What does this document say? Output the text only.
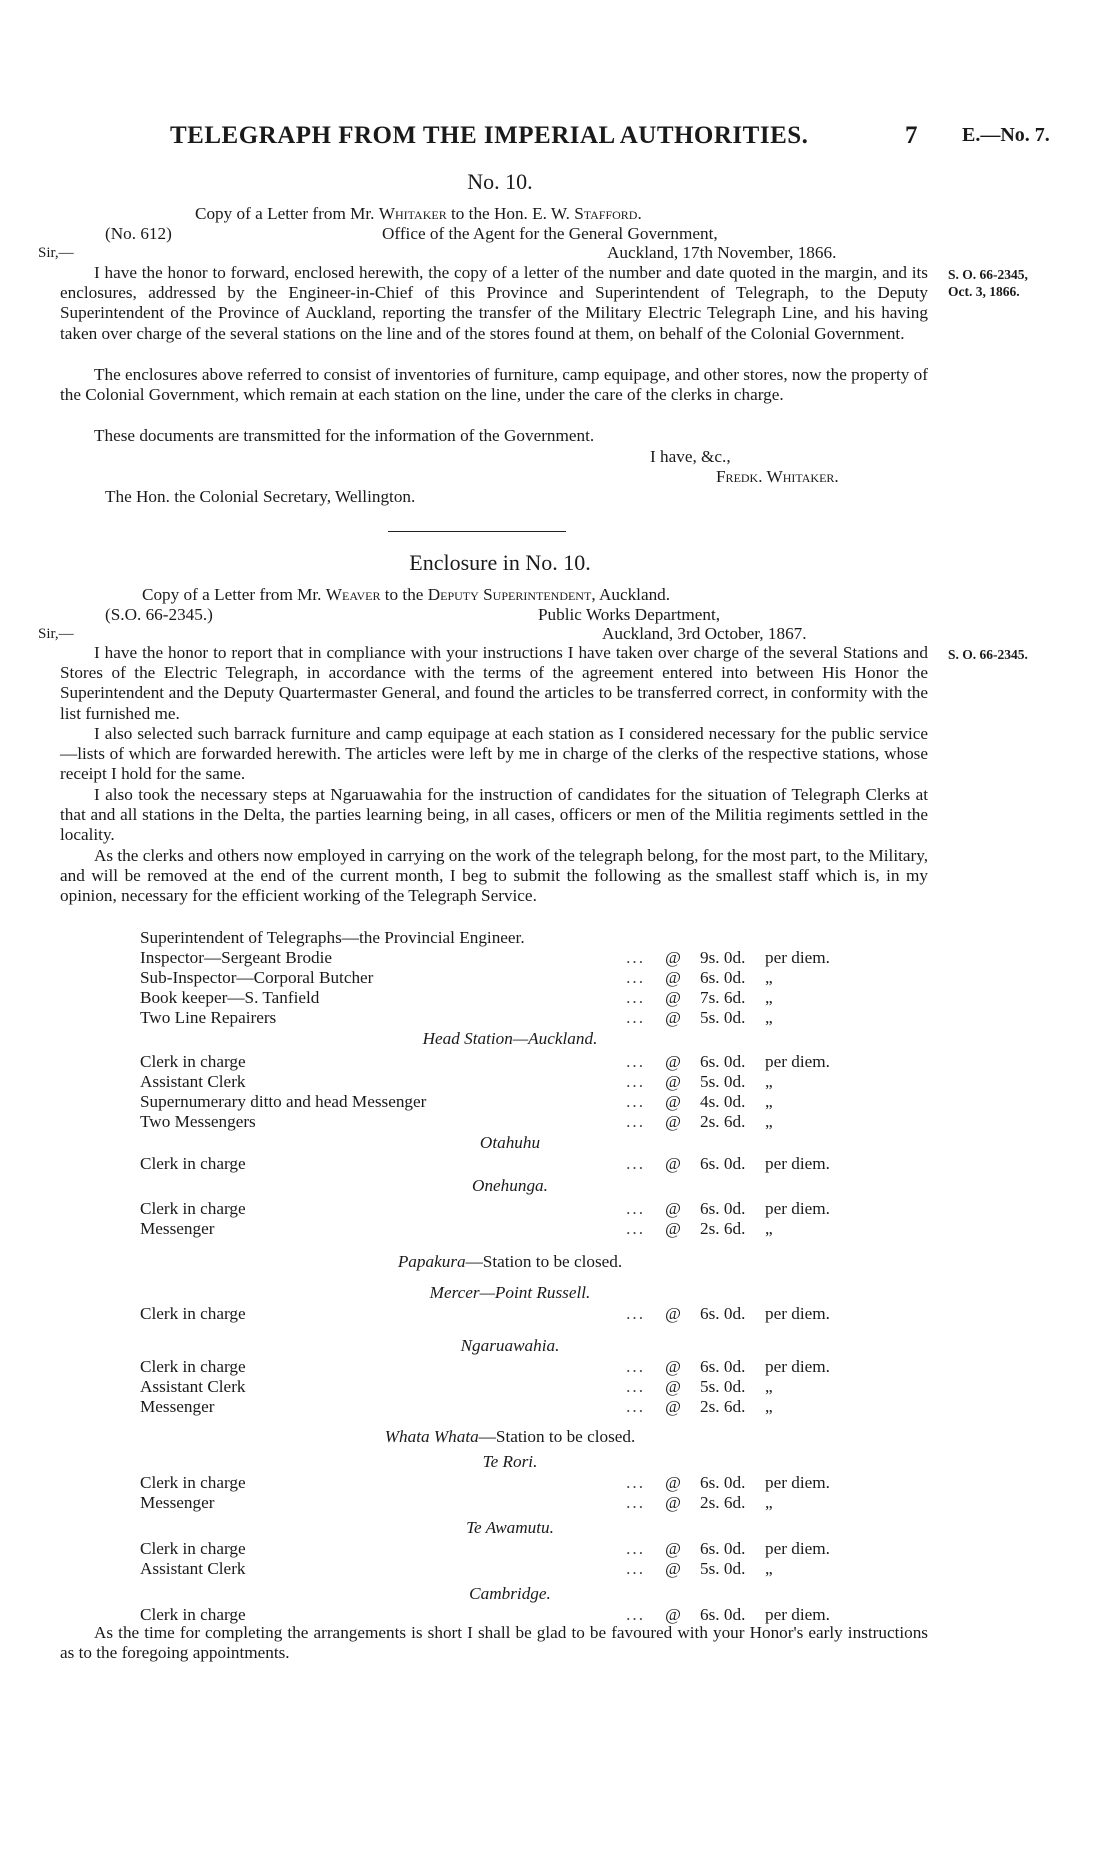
TELEGRAPH FROM THE IMPERIAL AUTHORITIES.	7 E.—No. 7.
No. 10.
Copy of a Letter from Mr. Whitaker to the Hon. E. W. Stafford.
(No. 612)	Office of the Agent for the General Government,
Sir,—	Auckland, 17th November, 1866.
S. O. 66-2345,
Oct. 3, 1866.
I have the honor to forward, enclosed herewith, the copy of a letter of the number and date quoted in the margin, and its enclosures, addressed by the Engineer-in-Chief of this Province and Superintendent of Telegraph, to the Deputy Superintendent of the Province of Auckland, reporting the transfer of the Military Electric Telegraph Line, and his having taken over charge of the several stations on the line and of the stores found at them, on behalf of the Colonial Government.
The enclosures above referred to consist of inventories of furniture, camp equipage, and other stores, now the property of the Colonial Government, which remain at each station on the line, under the care of the clerks in charge.
These documents are transmitted for the information of the Government.
I have, &c.,
Fredk. Whitaker.
The Hon. the Colonial Secretary, Wellington.
Enclosure in No. 10.
Copy of a Letter from Mr. Weaver to the Deputy Superintendent, Auckland.
(S.O. 66-2345.)	Public Works Department,
Sir,—	Auckland, 3rd October, 1867.
S. O. 66-2345.
I have the honor to report that in compliance with your instructions I have taken over charge of the several Stations and Stores of the Electric Telegraph, in accordance with the terms of the agreement entered into between His Honor the Superintendent and the Deputy Quartermaster General, and found the articles to be transferred correct, in conformity with the list furnished me.
I also selected such barrack furniture and camp equipage at each station as I considered necessary for the public service—lists of which are forwarded herewith. The articles were left by me in charge of the clerks of the respective stations, whose receipt I hold for the same.
I also took the necessary steps at Ngaruawahia for the instruction of candidates for the situation of Telegraph Clerks at that and all stations in the Delta, the parties learning being, in all cases, officers or men of the Militia regiments settled in the locality.
As the clerks and others now employed in carrying on the work of the telegraph belong, for the most part, to the Military, and will be removed at the end of the current month, I beg to submit the following as the smallest staff which is, in my opinion, necessary for the efficient working of the Telegraph Service.
Superintendent of Telegraphs—the Provincial Engineer.
Inspector—Sergeant Brodie	... @ 9s. 0d. per diem.
Sub-Inspector—Corporal Butcher	... @ 6s. 0d. „
Book keeper—S. Tanfield	... @ 7s. 6d. „
Two Line Repairers	... @ 5s. 0d. „
Head Station—Auckland.
Clerk in charge	... @ 6s. 0d. per diem.
Assistant Clerk	... @ 5s. 0d. „
Supernumerary ditto and head Messenger	... @ 4s. 0d. „
Two Messengers	... @ 2s. 6d. „
Otahuhu
Clerk in charge	... @ 6s. 0d. per diem.
Onehunga.
Clerk in charge	... @ 6s. 0d. per diem.
Messenger	... @ 2s. 6d. „
Papakura—Station to be closed.
Mercer—Point Russell.
Clerk in charge	... @ 6s. 0d. per diem.
Ngaruawahia.
Clerk in charge	... @ 6s. 0d. per diem.
Assistant Clerk	... @ 5s. 0d. „
Messenger	... @ 2s. 6d. „
Whata Whata—Station to be closed.
Te Rori.
Clerk in charge	... @ 6s. 0d. per diem.
Messenger	... @ 2s. 6d. „
Te Awamutu.
Clerk in charge	... @ 6s. 0d. per diem.
Assistant Clerk	... @ 5s. 0d. „
Cambridge.
Clerk in charge	... @ 6s. 0d. per diem.
As the time for completing the arrangements is short I shall be glad to be favoured with your Honor's early instructions as to the foregoing appointments.
